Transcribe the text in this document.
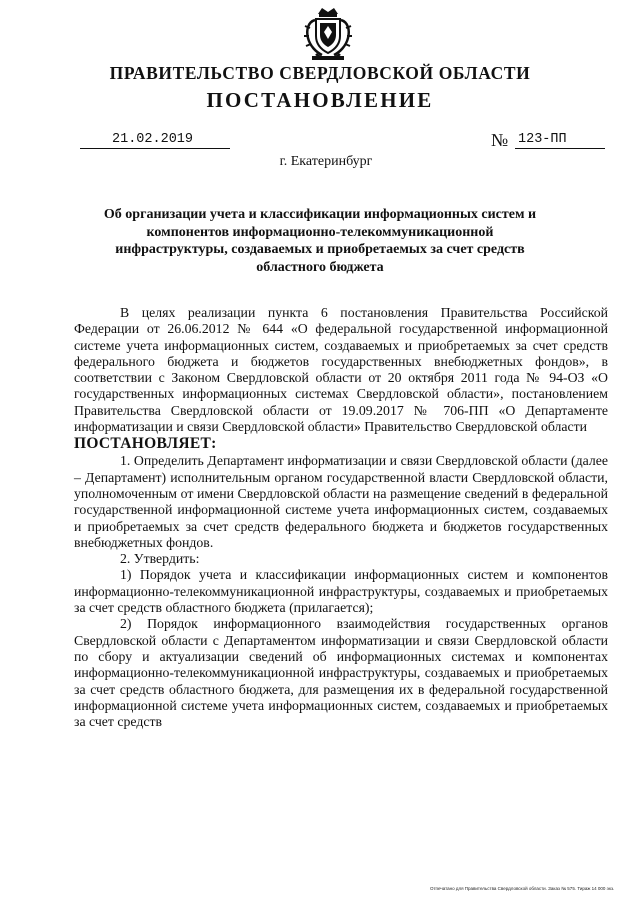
ПРАВИТЕЛЬСТВО СВЕРДЛОВСКОЙ ОБЛАСТИ
ПОСТАНОВЛЕНИЕ
21.02.2019	№ 123-ПП
г. Екатеринбург
Об организации учета и классификации информационных систем и компонентов информационно-телекоммуникационной инфраструктуры, создаваемых и приобретаемых за счет средств областного бюджета

В целях реализации пункта 6 постановления Правительства Российской Федерации от 26.06.2012 № 644 «О федеральной государственной информационной системе учета информационных систем, создаваемых и приобретаемых за счет средств федерального бюджета и бюджетов государственных внебюджетных фондов», в соответствии с Законом Свердловской области от 20 октября 2011 года № 94-ОЗ «О государственных информационных системах Свердловской области», постановлением Правительства Свердловской области от 19.09.2017 № 706-ПП «О Департаменте информатизации и связи Свердловской области» Правительство Свердловской области

ПОСТАНОВЛЯЕТ:

1. Определить Департамент информатизации и связи Свердловской области (далее – Департамент) исполнительным органом государственной власти Свердловской области, уполномоченным от имени Свердловской области на размещение сведений в федеральной государственной информационной системе учета информационных систем, создаваемых и приобретаемых за счет средств федерального бюджета и бюджетов государственных внебюджетных фондов.

2. Утвердить:

1) Порядок учета и классификации информационных систем и компонентов информационно-телекоммуникационной инфраструктуры, создаваемых и приобретаемых за счет средств областного бюджета (прилагается);

2) Порядок информационного взаимодействия государственных органов Свердловской области с Департаментом информатизации и связи Свердловской области по сбору и актуализации сведений об информационных системах и компонентах информационно-телекоммуникационной инфраструктуры, создаваемых и приобретаемых за счет средств областного бюджета, для размещения их в федеральной государственной информационной системе учета информационных систем, создаваемых и приобретаемых за счет средств

Отпечатано для Правительства Свердловской области. Заказ № 575. Тираж 14 000 экз.
